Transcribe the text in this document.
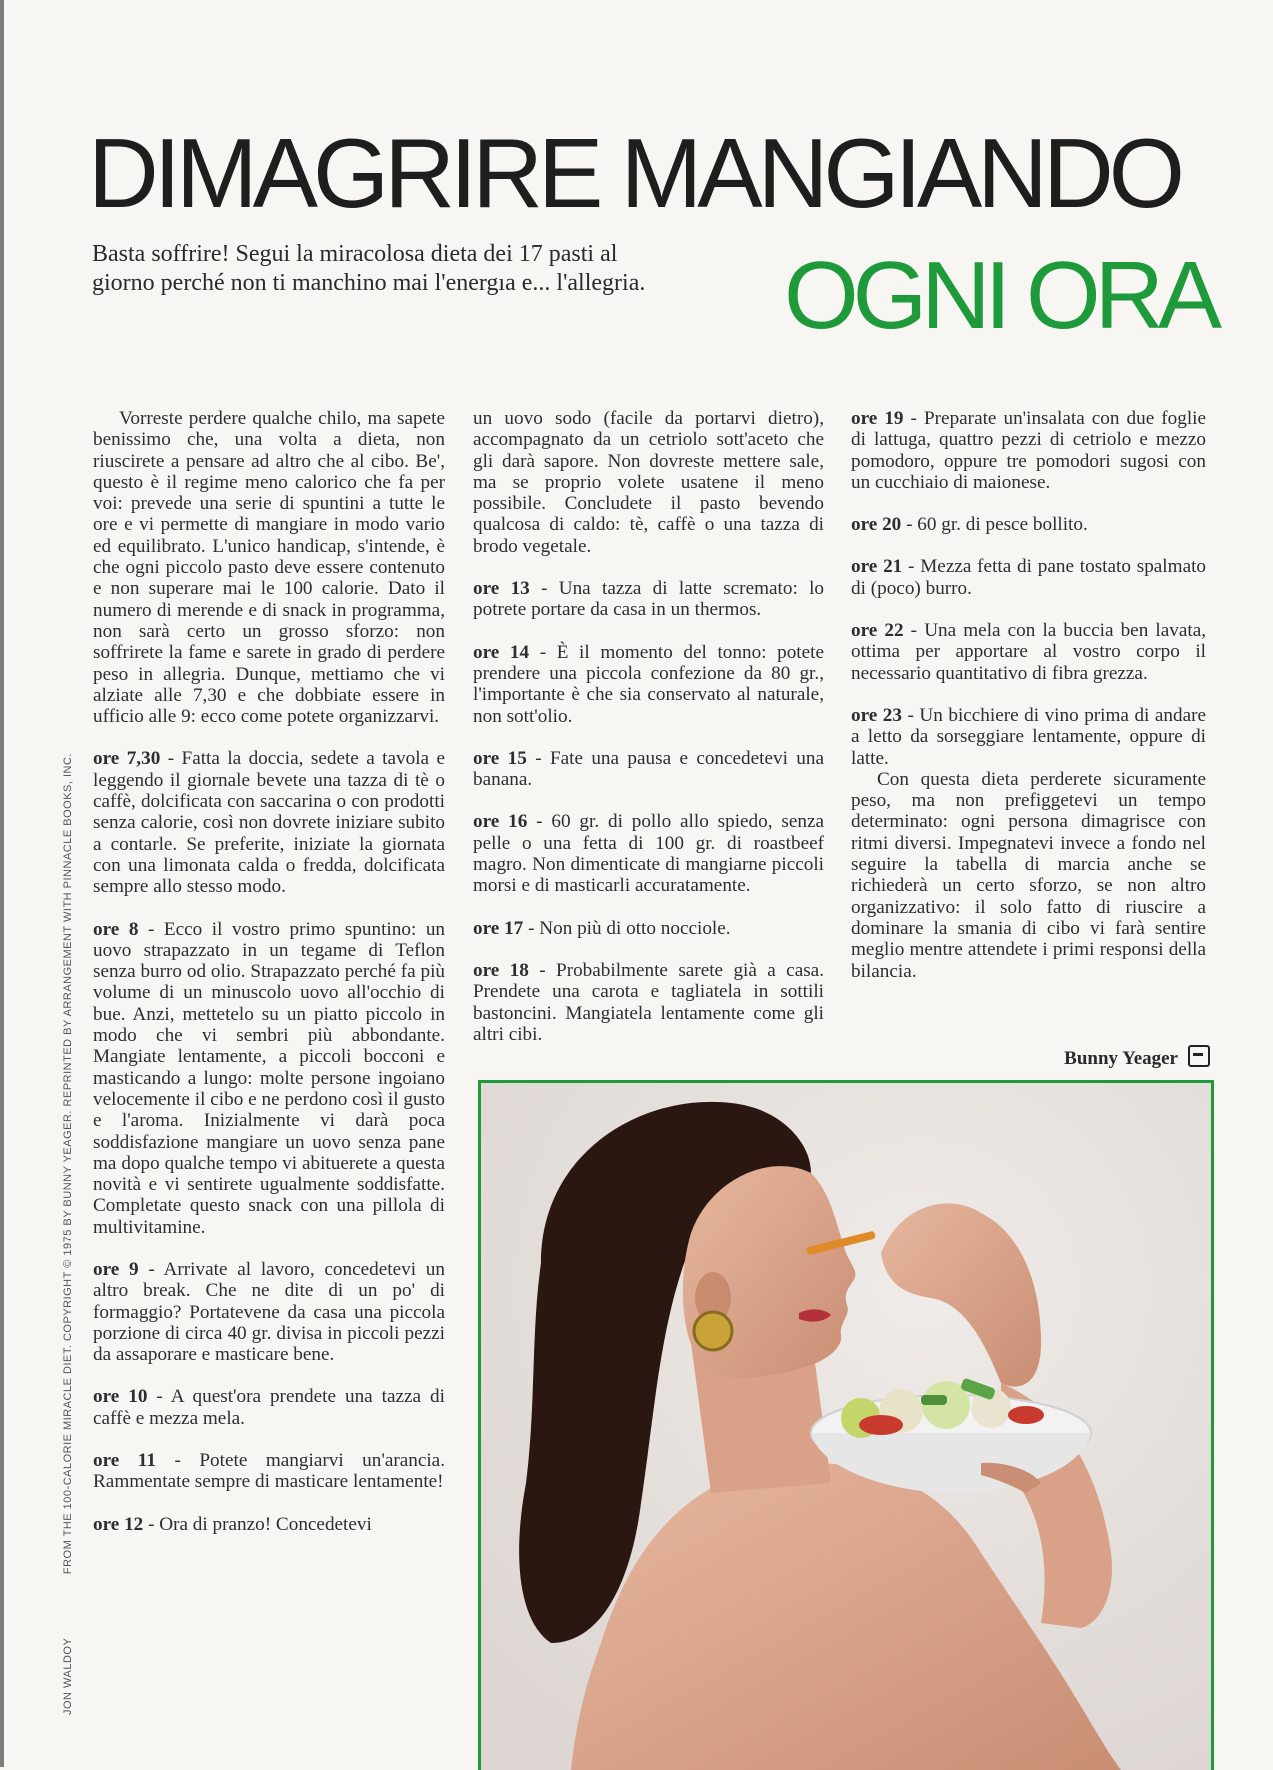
DIMAGRIRE MANGIANDO

Basta soffrire! Segui la miracolosa dieta dei 17 pasti al giorno perché non ti manchino mai l'energıa e... l'allegria.	OGNI ORA

Vorreste perdere qualche chilo, ma sapete benissimo che, una volta a dieta, non riuscirete a pensare ad altro che al cibo. Be', questo è il regime meno calorico che fa per voi: prevede una serie di spuntini a tutte le ore e vi permette di mangiare in modo vario ed equilibrato. L'unico handicap, s'intende, è che ogni piccolo pasto deve essere contenuto e non superare mai le 100 calorie. Dato il numero di merende e di snack in programma, non sarà certo un grosso sforzo: non soffrirete la fame e sarete in grado di perdere peso in allegria. Dunque, mettiamo che vi alziate alle 7,30 e che dobbiate essere in ufficio alle 9: ecco come potete organizzarvi.

ore 7,30 - Fatta la doccia, sedete a tavola e leggendo il giornale bevete una tazza di tè o caffè, dolcificata con saccarina o con prodotti senza calorie, così non dovrete iniziare subito a contarle. Se preferite, iniziate la giornata con una limonata calda o fredda, dolcificata sempre allo stesso modo.

ore 8 - Ecco il vostro primo spuntino: un uovo strapazzato in un tegame di Teflon senza burro od olio. Strapazzato perché fa più volume di un minuscolo uovo all'occhio di bue. Anzi, mettetelo su un piatto piccolo in modo che vi sembri più abbondante. Mangiate lentamente, a piccoli bocconi e masticando a lungo: molte persone ingoiano velocemente il cibo e ne perdono così il gusto e l'aroma. Inizialmente vi darà poca soddisfazione mangiare un uovo senza pane ma dopo qualche tempo vi abituerete a questa novità e vi sentirete ugualmente soddisfatte. Completate questo snack con una pillola di multivitamine.

ore 9 - Arrivate al lavoro, concedetevi un altro break. Che ne dite di un po' di formaggio? Portatevene da casa una piccola porzione di circa 40 gr. divisa in piccoli pezzi da assaporare e masticare bene.

ore 10 - A quest'ora prendete una tazza di caffè e mezza mela.

ore 11 - Potete mangiarvi un'arancia. Rammentate sempre di masticare lentamente!

ore 12 - Ora di pranzo! Concedetevi

un uovo sodo (facile da portarvi dietro), accompagnato da un cetriolo sott'aceto che gli darà sapore. Non dovreste mettere sale, ma se proprio volete usatene il meno possibile. Concludete il pasto bevendo qualcosa di caldo: tè, caffè o una tazza di brodo vegetale.

ore 13 - Una tazza di latte scremato: lo potrete portare da casa in un thermos.

ore 14 - È il momento del tonno: potete prendere una piccola confezione da 80 gr., l'importante è che sia conservato al naturale, non sott'olio.

ore 15 - Fate una pausa e concedetevi una banana.

ore 16 - 60 gr. di pollo allo spiedo, senza pelle o una fetta di 100 gr. di roastbeef magro. Non dimenticate di mangiarne piccoli morsi e di masticarli accuratamente.

ore 17 - Non più di otto nocciole.

ore 18 - Probabilmente sarete già a casa. Prendete una carota e tagliatela in sottili bastoncini. Mangiatela lentamente come gli altri cibi.

ore 19 - Preparate un'insalata con due foglie di lattuga, quattro pezzi di cetriolo e mezzo pomodoro, oppure tre pomodori sugosi con un cucchiaio di maionese.

ore 20 - 60 gr. di pesce bollito.

ore 21 - Mezza fetta di pane tostato spalmato di (poco) burro.

ore 22 - Una mela con la buccia ben lavata, ottima per apportare al vostro corpo il necessario quantitativo di fibra grezza.

ore 23 - Un bicchiere di vino prima di andare a letto da sorseggiare lentamente, oppure di latte.

Con questa dieta perderete sicuramente peso, ma non prefiggetevi un tempo determinato: ogni persona dimagrisce con ritmi diversi. Impegnatevi invece a fondo nel seguire la tabella di marcia anche se richiederà un certo sforzo, se non altro organizzativo: il solo fatto di riuscire a dominare la smania di cibo vi farà sentire meglio mentre attendete i primi responsi della bilancia.

Bunny Yeager
JON WALDOY FROM THE 100-CALORIE MIRACLE DIET. COPYRIGHT © 1975 BY BUNNY YEAGER. REPRINTED BY ARRANGEMENT WITH PINNACLE BOOKS, INC.
